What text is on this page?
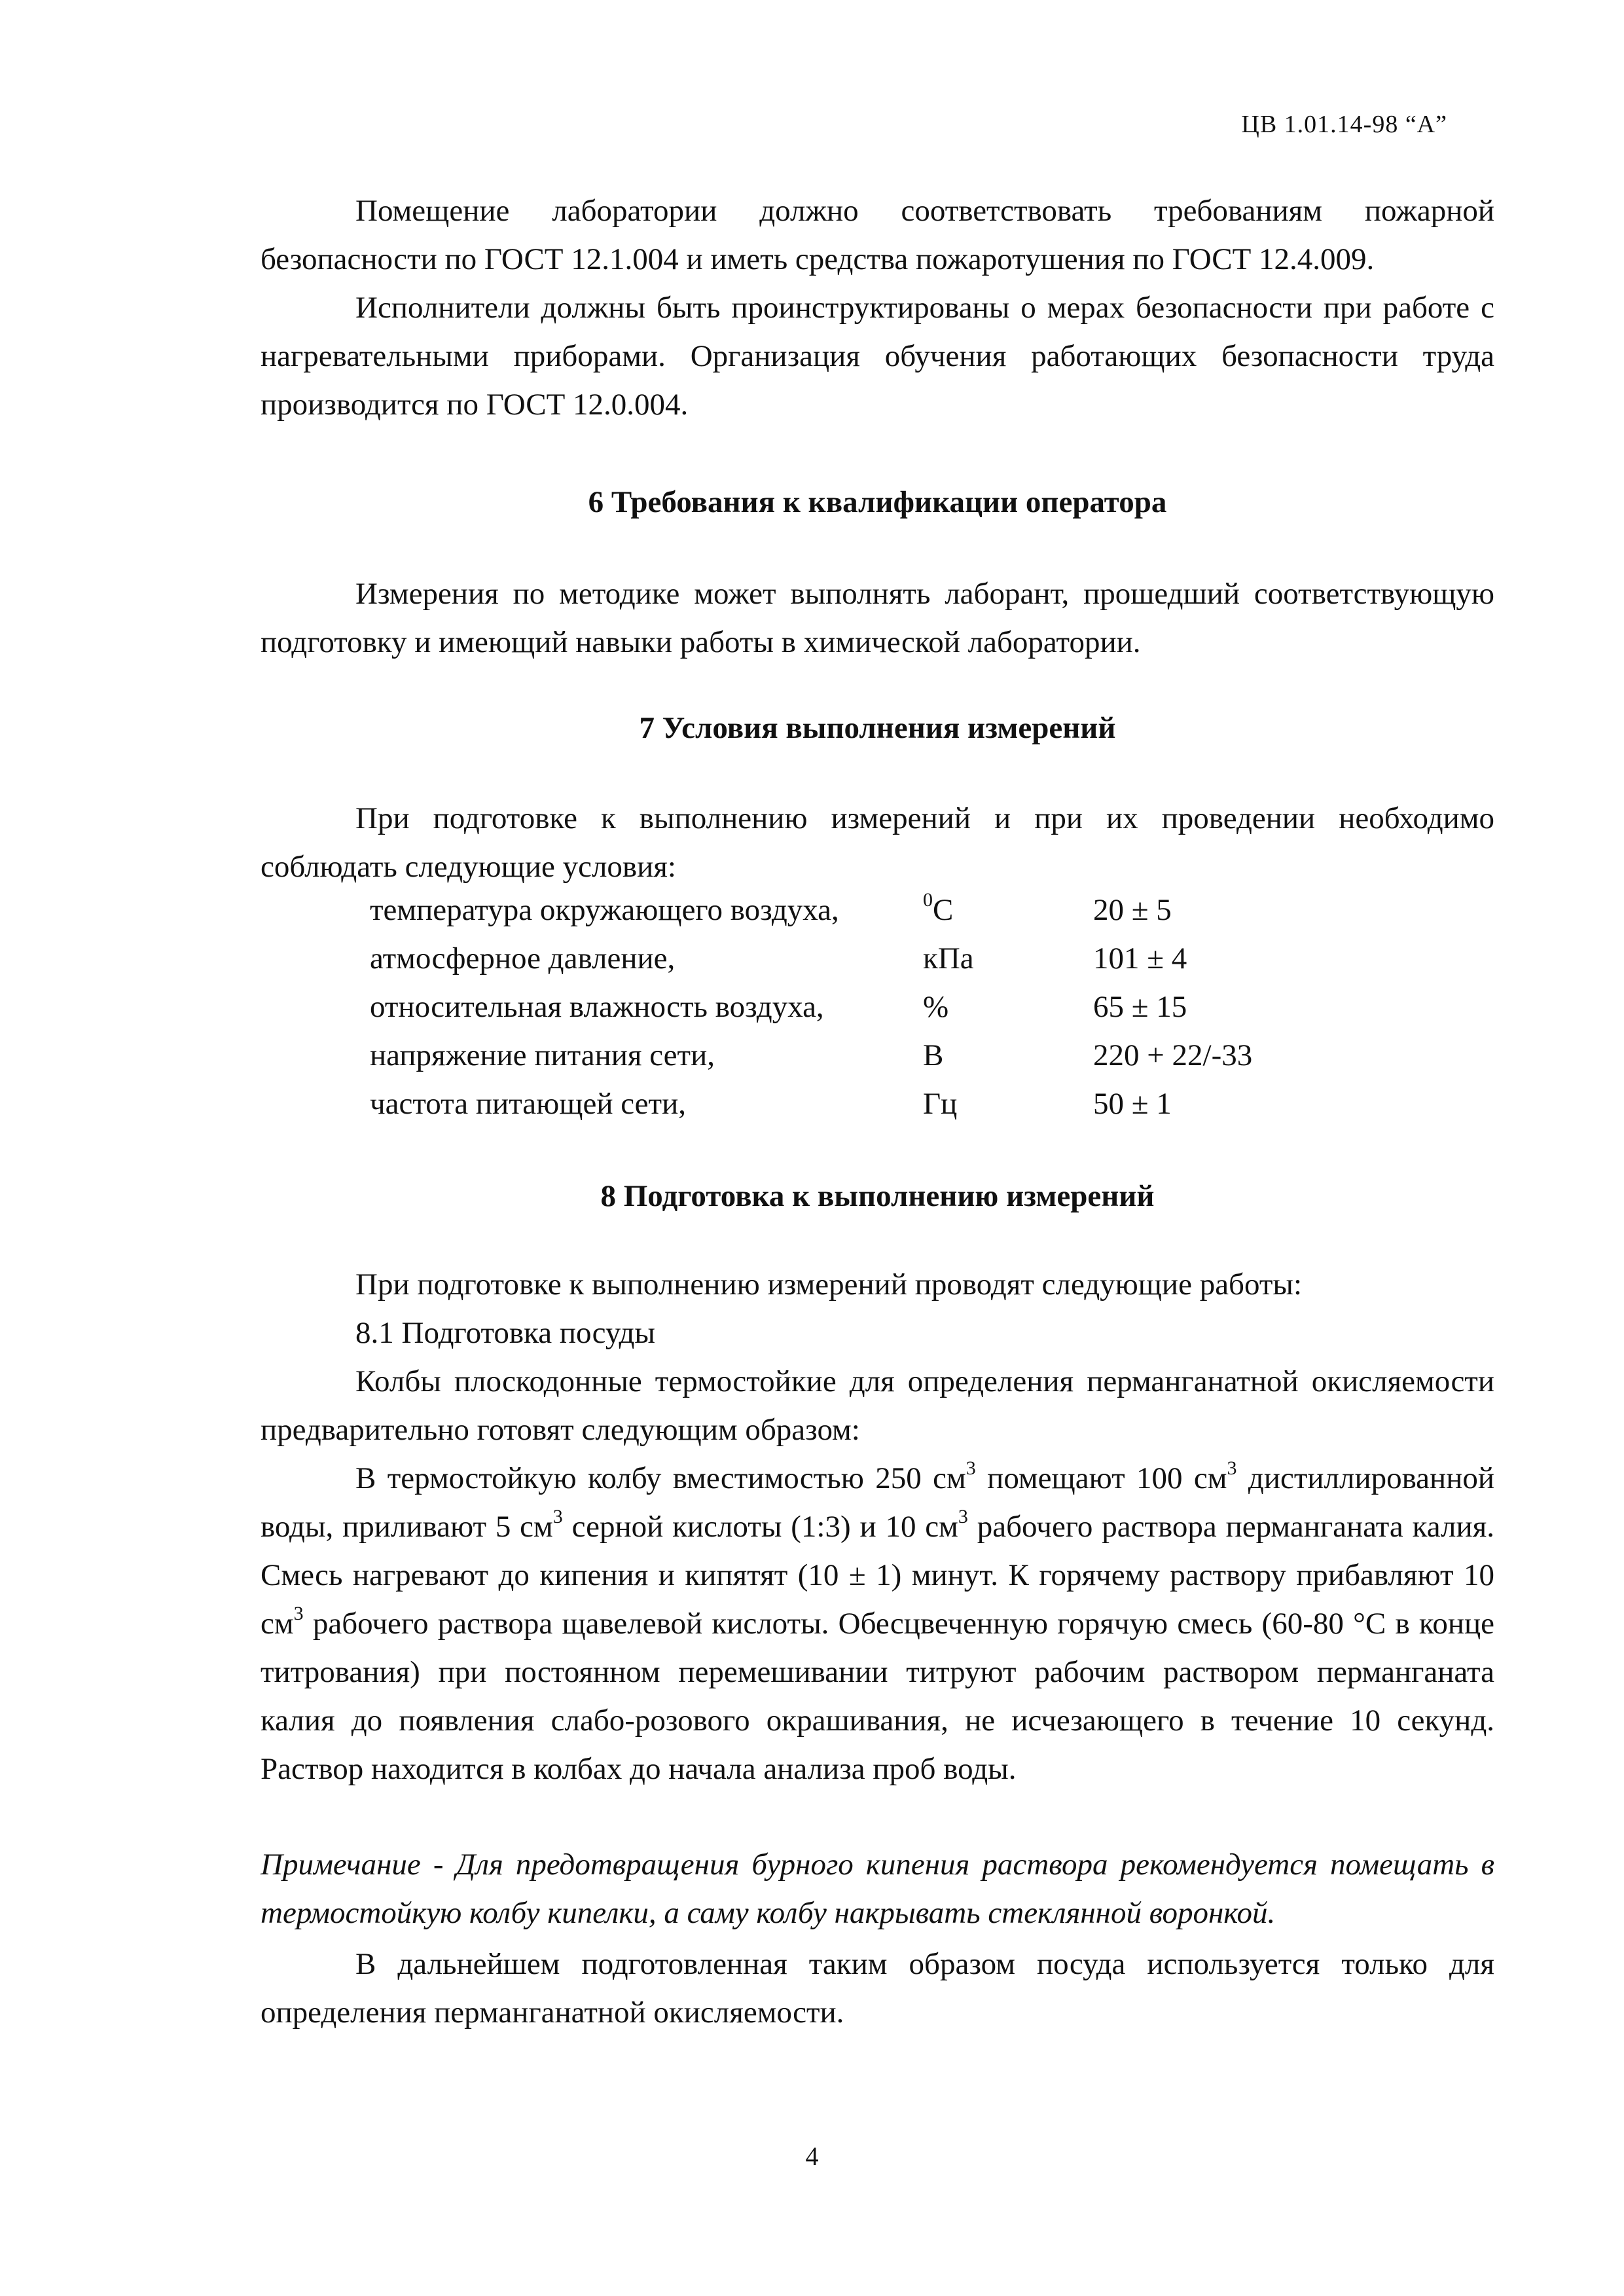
ЦВ 1.01.14-98 “А”
Помещение лаборатории должно соответствовать требованиям пожарной безопасности по ГОСТ 12.1.004 и иметь средства пожаротушения по ГОСТ 12.4.009.
Исполнители должны быть проинструктированы о мерах безопасности при работе с нагревательными приборами. Организация обучения работающих безопасности труда производится по ГОСТ 12.0.004.
6 Требования к квалификации оператора
Измерения по методике может выполнять лаборант, прошедший соответствующую подготовку и имеющий навыки работы в химической лаборатории.
7 Условия выполнения измерений
При подготовке к выполнению измерений и при их проведении необходимо соблюдать следующие условия:
температура окружающего воздуха,	$^0$С	20 ± 5
атмосферное давление,	кПа	101 ± 4
относительная влажность воздуха,	%	65 ± 15
напряжение питания сети,	В	220 + 22/-33
частота питающей сети,	Гц	50 ± 1
8 Подготовка к выполнению измерений
При подготовке к выполнению измерений проводят следующие работы:
8.1 Подготовка посуды
Колбы плоскодонные термостойкие для определения перманганатной окисляемости предварительно готовят следующим образом:
В термостойкую колбу вместимостью 250 $см^3$ помещают 100 $см^3$ дистиллированной воды, приливают 5 $см^3$ серной кислоты (1:3) и 10 $см^3$ рабочего раствора перманганата калия. Смесь нагревают до кипения и кипятят (10 ± 1) минут. К горячему раствору прибавляют 10 $см^3$ рабочего раствора щавелевой кислоты. Обесцвеченную горячую смесь (60-80 °С в конце титрования) при постоянном перемешивании титруют рабочим раствором перманганата калия до появления слабо-розового окрашивания, не исчезающего в течение 10 секунд. Раствор находится в колбах до начала анализа проб воды.
Примечание - Для предотвращения бурного кипения раствора рекомендуется помещать в термостойкую колбу кипелки, а саму колбу накрывать стеклянной воронкой.
В дальнейшем подготовленная таким образом посуда используется только для определения перманганатной окисляемости.
4
